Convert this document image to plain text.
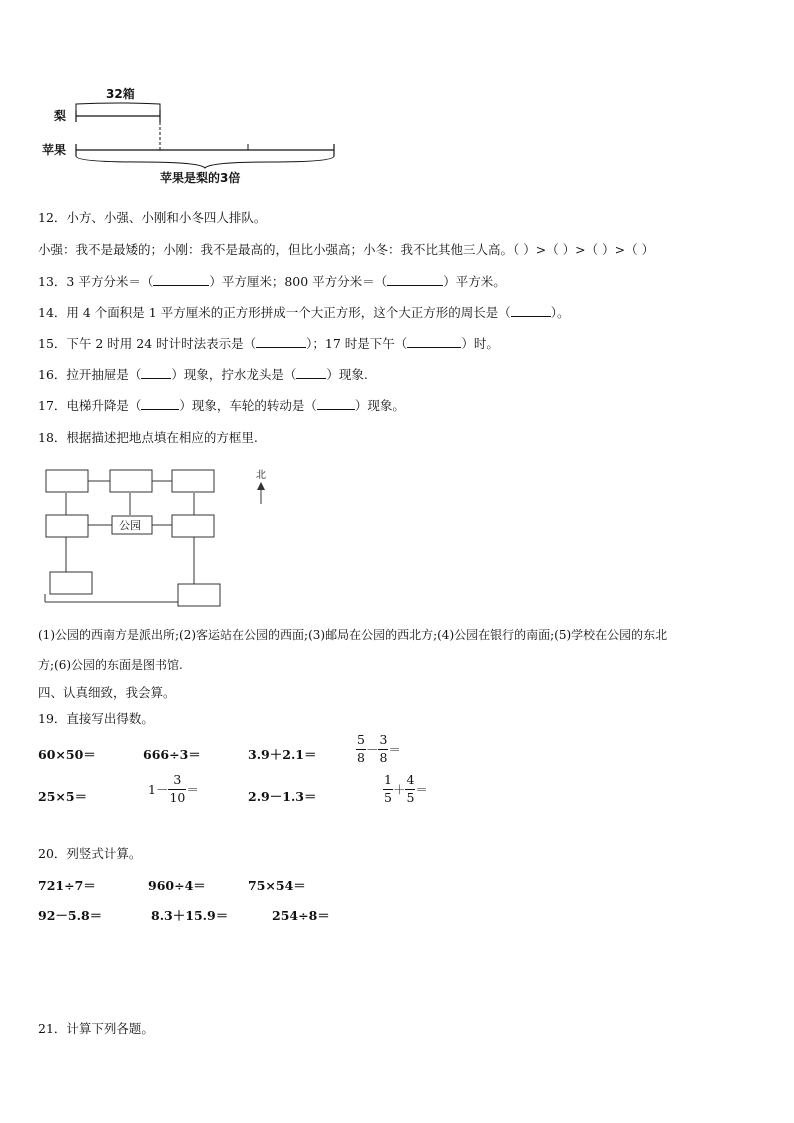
32箱
梨
苹果
苹果是梨的3倍
12．小方、小强、小刚和小冬四人排队。
小强：我不是最矮的；小刚：我不是最高的，但比小强高；小冬：我不比其他三人高。（ ）>（ ）>（ ）>（ ）
13．3 平方分米＝（	）平方厘米；800 平方分米＝（	）平方米。
14．用 4 个面积是 1 平方厘米的正方形拼成一个大正方形，这个大正方形的周长是（	）。
15．下午 2 时用 24 时计时法表示是（	）；17 时是下午（	）时。
16．拉开抽屉是（ ）现象，拧水龙头是（ ）现象.
17．电梯升降是（	）现象，车轮的转动是（	）现象。
18．根据描述把地点填在相应的方框里.
公园
北
(1)公园的西南方是派出所;(2)客运站在公园的西面;(3)邮局在公园的西北方;(4)公园在银行的南面;(5)学校在公园的东北
方;(6)公园的东面是图书馆.
四、认真细致，我会算。
19．直接写出得数。
60×50＝	666÷3＝	3.9＋2.1＝	$\frac{5}{8} - \frac{3}{8}$ ＝
25×5＝	$1- \frac{3}{10}$ ＝	2.9－1.3＝	$\frac{1}{5} + \frac{4}{5}$ ＝
20．列竖式计算。
721÷7＝	960÷4＝	75×54＝
92－5.8＝	8.3＋15.9＝	254÷8＝
21．计算下列各题。
